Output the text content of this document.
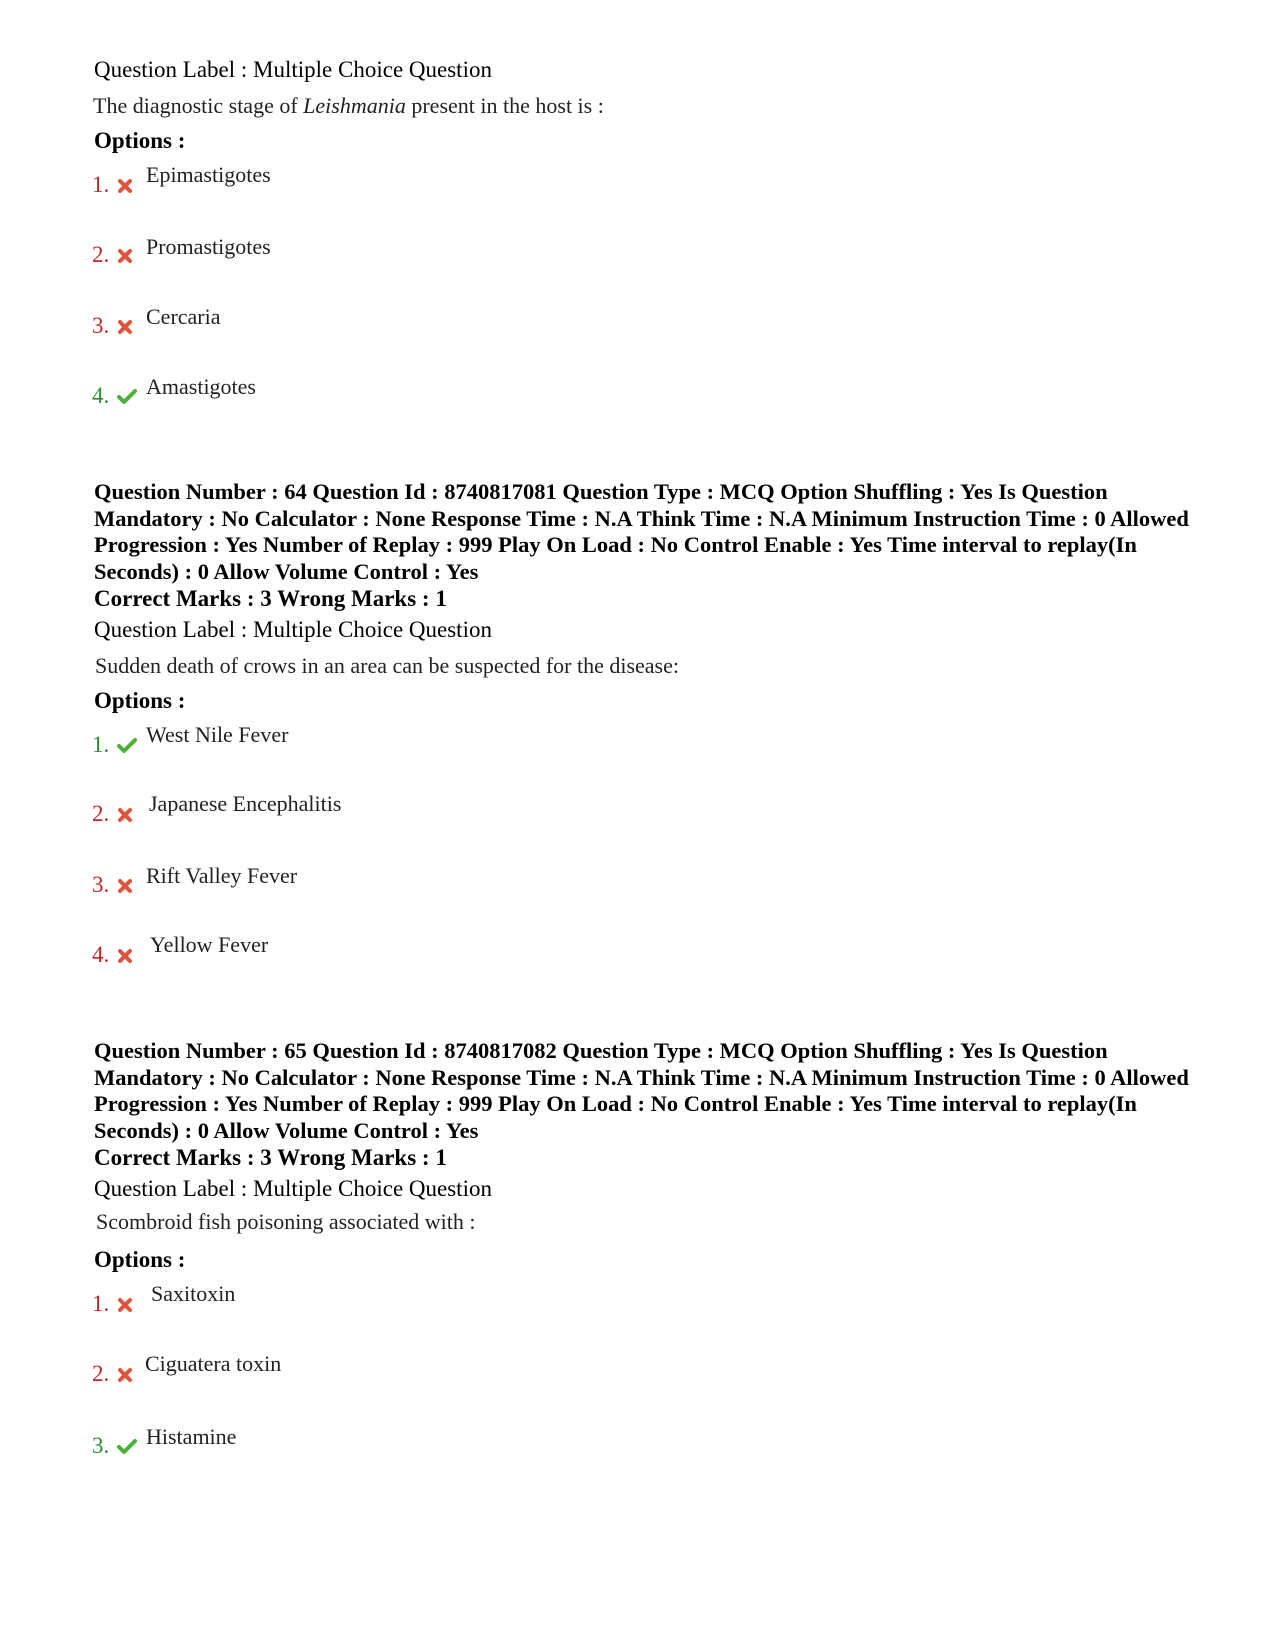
Question Label : Multiple Choice Question
The diagnostic stage of Leishmania present in the host is :
Options :
1. Epimastigotes
2. Promastigotes
3. Cercaria
4. Amastigotes
Question Number : 64 Question Id : 8740817081 Question Type : MCQ Option Shuffling : Yes Is Question Mandatory : No Calculator : None Response Time : N.A Think Time : N.A Minimum Instruction Time : 0 Allowed Progression : Yes Number of Replay : 999 Play On Load : No Control Enable : Yes Time interval to replay(In Seconds) : 0 Allow Volume Control : Yes
Correct Marks : 3 Wrong Marks : 1
Question Label : Multiple Choice Question
Sudden death of crows in an area can be suspected for the disease:
Options :
1. West Nile Fever
2. Japanese Encephalitis
3. Rift Valley Fever
4. Yellow Fever
Question Number : 65 Question Id : 8740817082 Question Type : MCQ Option Shuffling : Yes Is Question Mandatory : No Calculator : None Response Time : N.A Think Time : N.A Minimum Instruction Time : 0 Allowed Progression : Yes Number of Replay : 999 Play On Load : No Control Enable : Yes Time interval to replay(In Seconds) : 0 Allow Volume Control : Yes
Correct Marks : 3 Wrong Marks : 1
Question Label : Multiple Choice Question
Scombroid fish poisoning associated with :
Options :
1. Saxitoxin
2. Ciguatera toxin
3. Histamine
